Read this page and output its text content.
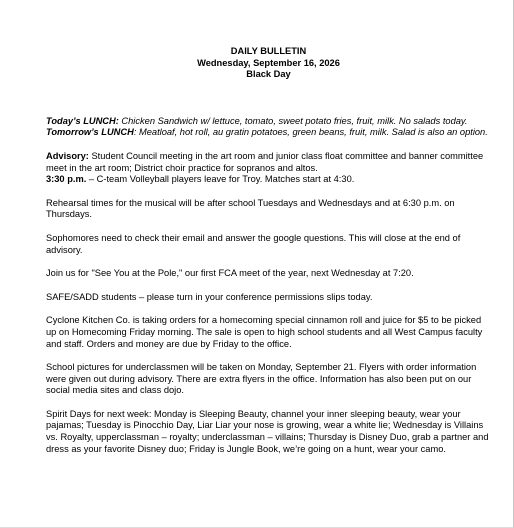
DAILY BULLETIN
Wednesday, September 16, 2026
Black Day
Today’s LUNCH: Chicken Sandwich w/ lettuce, tomato, sweet potato fries, fruit, milk. No salads today.
Tomorrow’s LUNCH: Meatloaf, hot roll, au gratin potatoes, green beans, fruit, milk. Salad is also an option.
Advisory: Student Council meeting in the art room and junior class float committee and banner committee meet in the art room; District choir practice for sopranos and altos.
3:30 p.m. – C-team Volleyball players leave for Troy. Matches start at 4:30.
Rehearsal times for the musical will be after school Tuesdays and Wednesdays and at 6:30 p.m. on Thursdays.
Sophomores need to check their email and answer the google questions. This will close at the end of advisory.
Join us for "See You at the Pole," our first FCA meet of the year, next Wednesday at 7:20.
SAFE/SADD students – please turn in your conference permissions slips today.
Cyclone Kitchen Co. is taking orders for a homecoming special cinnamon roll and juice for $5 to be picked up on Homecoming Friday morning. The sale is open to high school students and all West Campus faculty and staff. Orders and money are due by Friday to the office.
School pictures for underclassmen will be taken on Monday, September 21. Flyers with order information were given out during advisory. There are extra flyers in the office. Information has also been put on our social media sites and class dojo.
Spirit Days for next week: Monday is Sleeping Beauty, channel your inner sleeping beauty, wear your pajamas; Tuesday is Pinocchio Day, Liar Liar your nose is growing, wear a white lie; Wednesday is Villains vs. Royalty, upperclassman – royalty; underclassman – villains; Thursday is Disney Duo, grab a partner and dress as your favorite Disney duo; Friday is Jungle Book, we’re going on a hunt, wear your camo.
